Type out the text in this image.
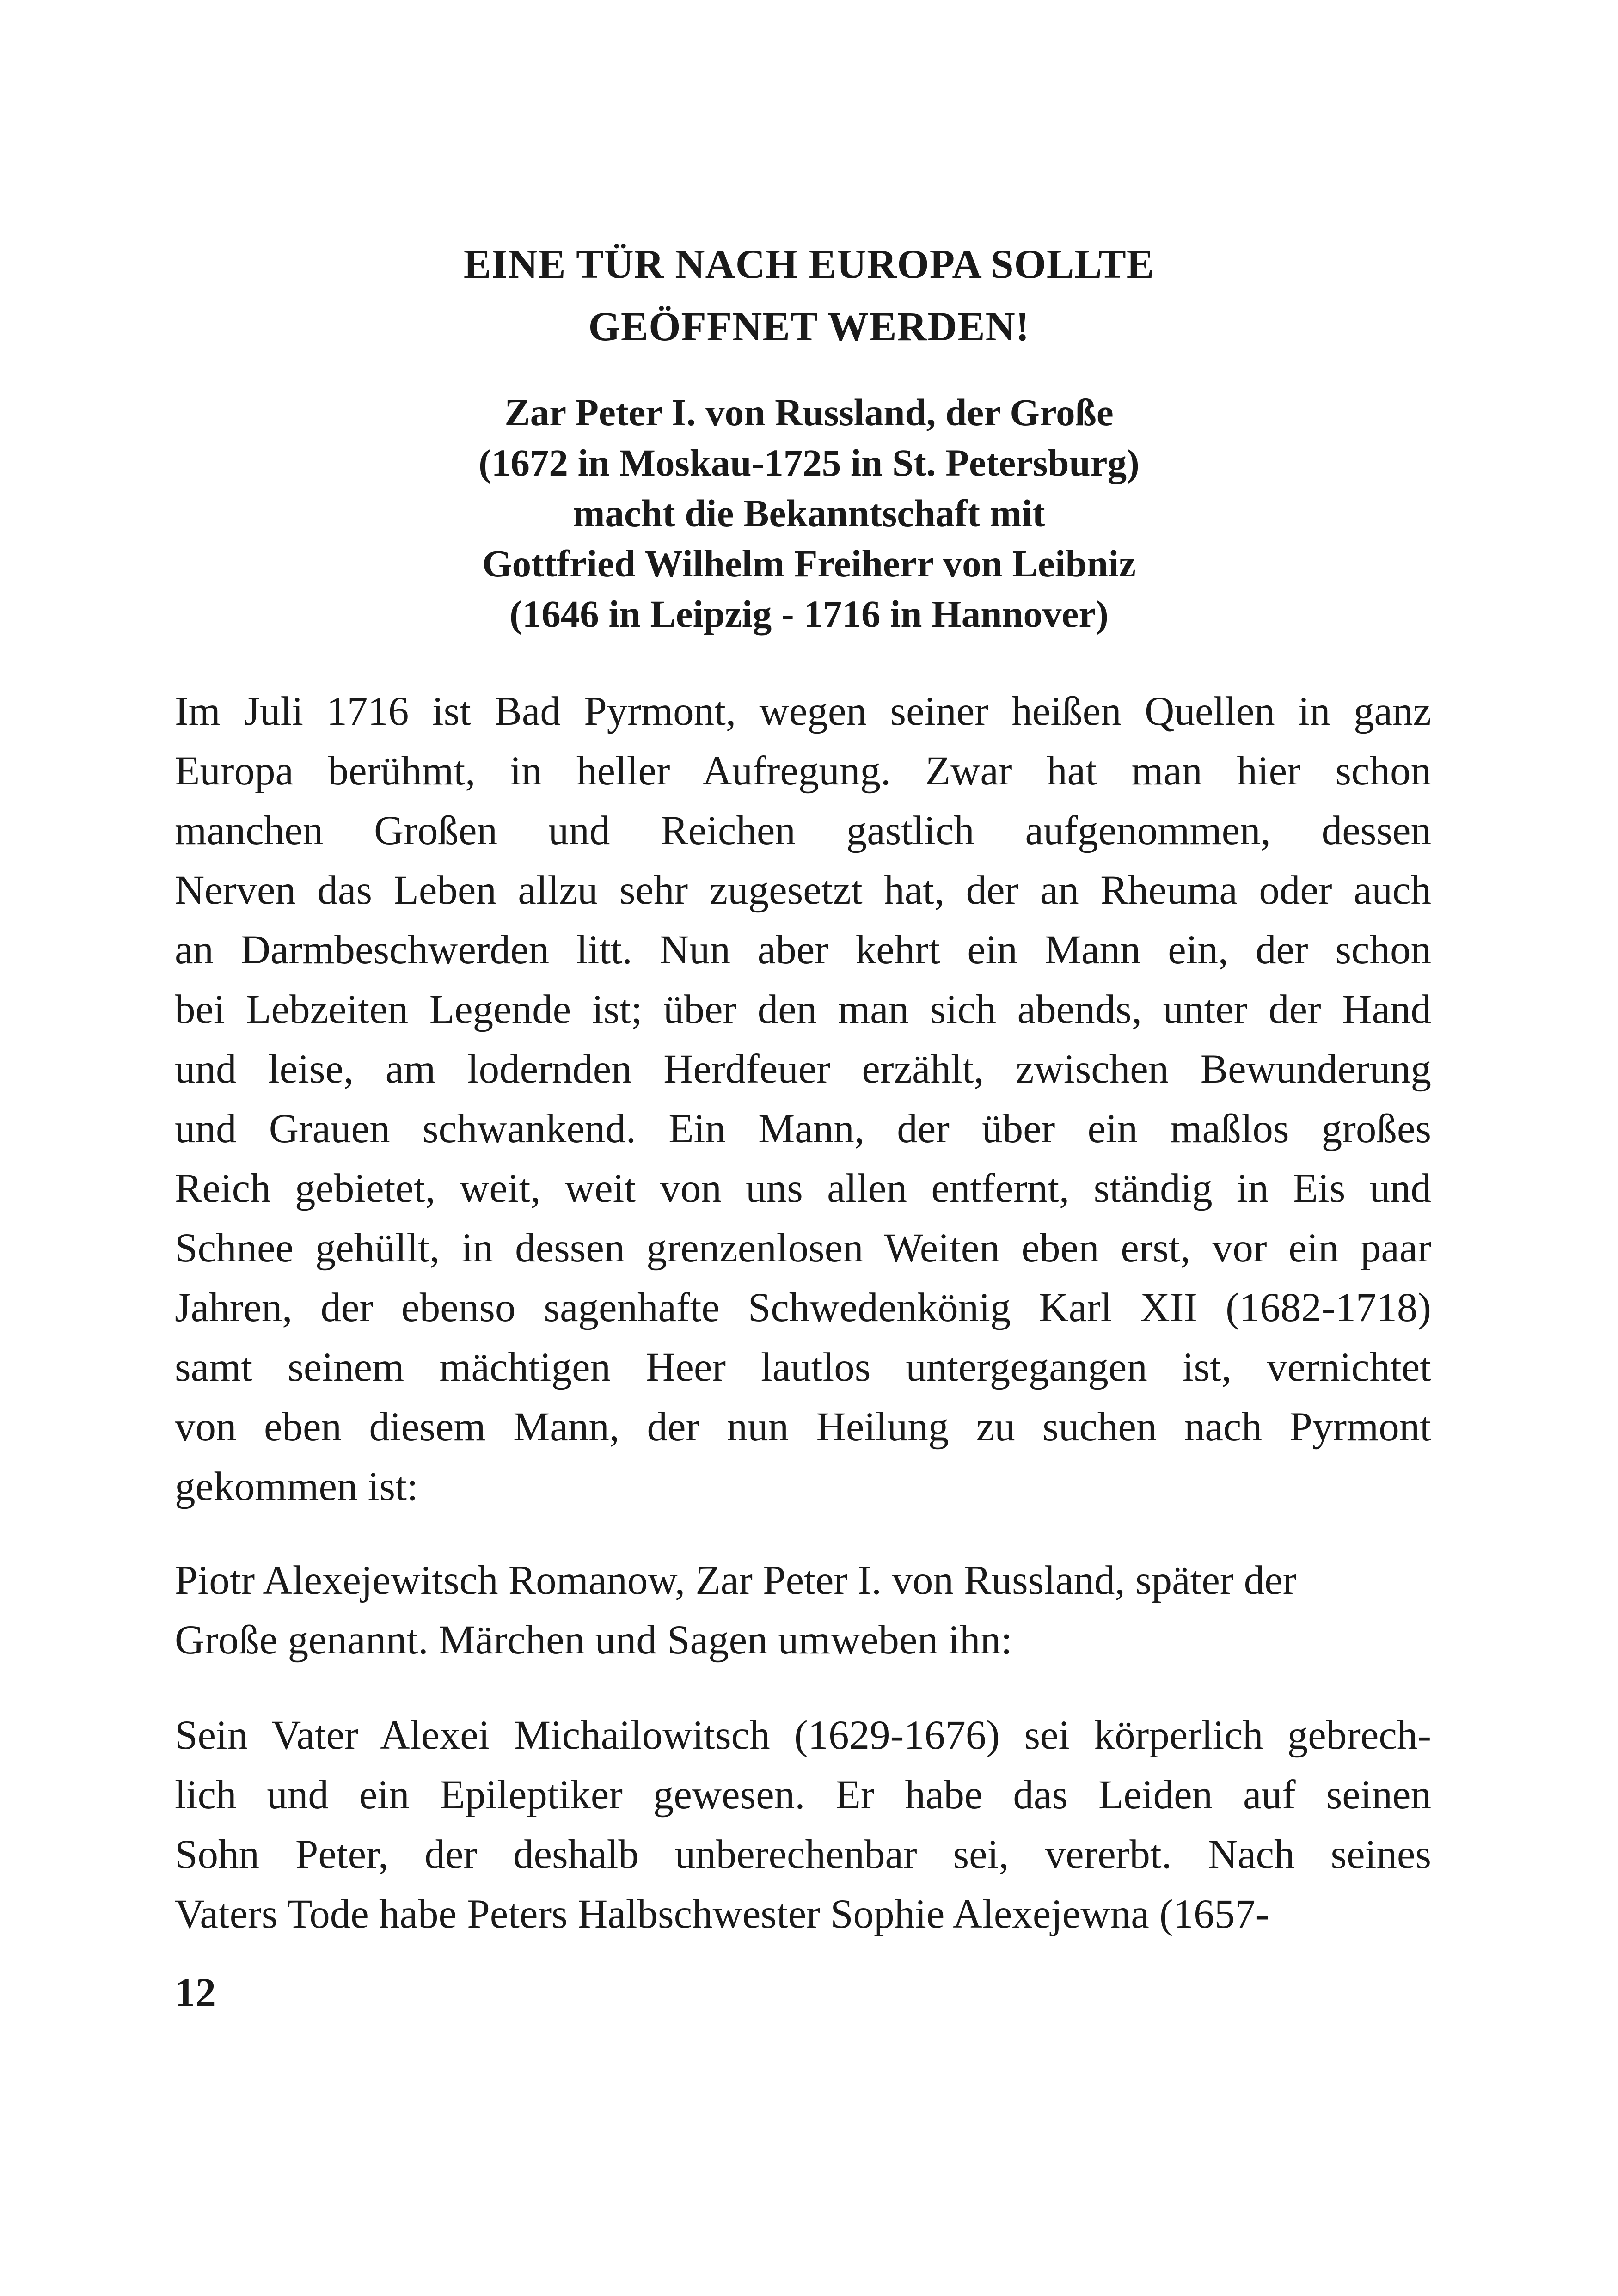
EINE TÜR NACH EUROPA SOLLTE
GEÖFFNET WERDEN!
Zar Peter I. von Russland, der Große
(1672 in Moskau-1725 in St. Petersburg)
macht die Bekanntschaft mit
Gottfried Wilhelm Freiherr von Leibniz
(1646 in Leipzig - 1716 in Hannover)

Im Juli 1716 ist Bad Pyrmont, wegen seiner heißen Quellen in ganz
Europa berühmt, in heller Aufregung. Zwar hat man hier schon
manchen Großen und Reichen gastlich aufgenommen, dessen
Nerven das Leben allzu sehr zugesetzt hat, der an Rheuma oder auch
an Darmbeschwerden litt. Nun aber kehrt ein Mann ein, der schon
bei Lebzeiten Legende ist; über den man sich abends, unter der Hand
und leise, am lodernden Herdfeuer erzählt, zwischen Bewunderung
und Grauen schwankend. Ein Mann, der über ein maßlos großes
Reich gebietet, weit, weit von uns allen entfernt, ständig in Eis und
Schnee gehüllt, in dessen grenzenlosen Weiten eben erst, vor ein paar
Jahren, der ebenso sagenhafte Schwedenkönig Karl XII (1682-1718)
samt seinem mächtigen Heer lautlos untergegangen ist, vernichtet
von eben diesem Mann, der nun Heilung zu suchen nach Pyrmont
gekommen ist:

Piotr Alexejewitsch Romanow, Zar Peter I. von Russland, später der
Große genannt. Märchen und Sagen umweben ihn:

Sein Vater Alexei Michailowitsch (1629-1676) sei körperlich gebrech-
lich und ein Epileptiker gewesen. Er habe das Leiden auf seinen
Sohn Peter, der deshalb unberechenbar sei, vererbt. Nach seines
Vaters Tode habe Peters Halbschwester Sophie Alexejewna (1657-

12
